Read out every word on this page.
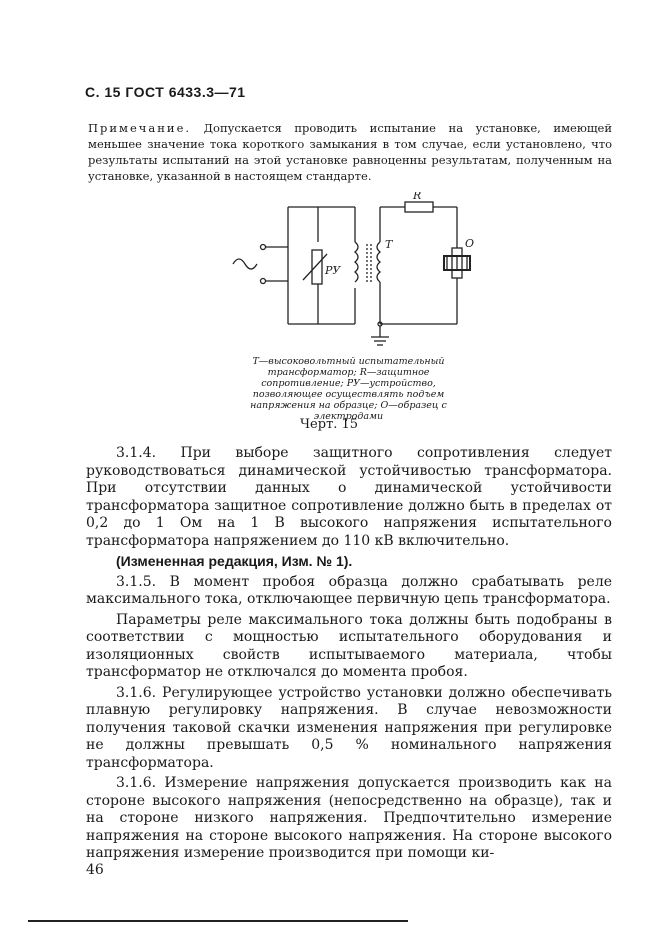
С. 15 ГОСТ 6433.3—71
Примечание. Допускается проводить испытание на установке, имеющей меньшее значение тока короткого замыкания в том случае, если установлено, что результаты испытаний на этой установке равноценны результатам, полученным на установке, указанной в настоящем стандарте.
R
T
РУ
О
Т—высоковольтный испытательный трансформатор; R—защитное сопротивление; РУ—устройство, позволяющее осуществлять подъем напряжения на образце; О—образец с электродами
Черт. 15

3.1.4. При выборе защитного сопротивления следует руководствоваться динамической устойчивостью трансформатора. При отсутствии данных о динамической устойчивости трансформатора защитное сопротивление должно быть в пределах от 0,2 до 1 Ом на 1 В высокого напряжения испытательного трансформатора напряжением до 110 кВ включительно.

(Измененная редакция, Изм. № 1).

3.1.5. В момент пробоя образца должно срабатывать реле максимального тока, отключающее первичную цепь трансформатора.

Параметры реле максимального тока должны быть подобраны в соответствии с мощностью испытательного оборудования и изоляционных свойств испытываемого материала, чтобы трансформатор не отключался до момента пробоя.

3.1.6. Регулирующее устройство установки должно обеспечивать плавную регулировку напряжения. В случае невозможности получения таковой скачки изменения напряжения при регулировке не должны превышать 0,5 % номинального напряжения трансформатора.

3.1.6. Измерение напряжения допускается производить как на стороне высокого напряжения (непосредственно на образце), так и на стороне низкого напряжения. Предпочтительно измерение напряжения на стороне высокого напряжения. На стороне высокого напряжения измерение производится при помощи ки-

46
